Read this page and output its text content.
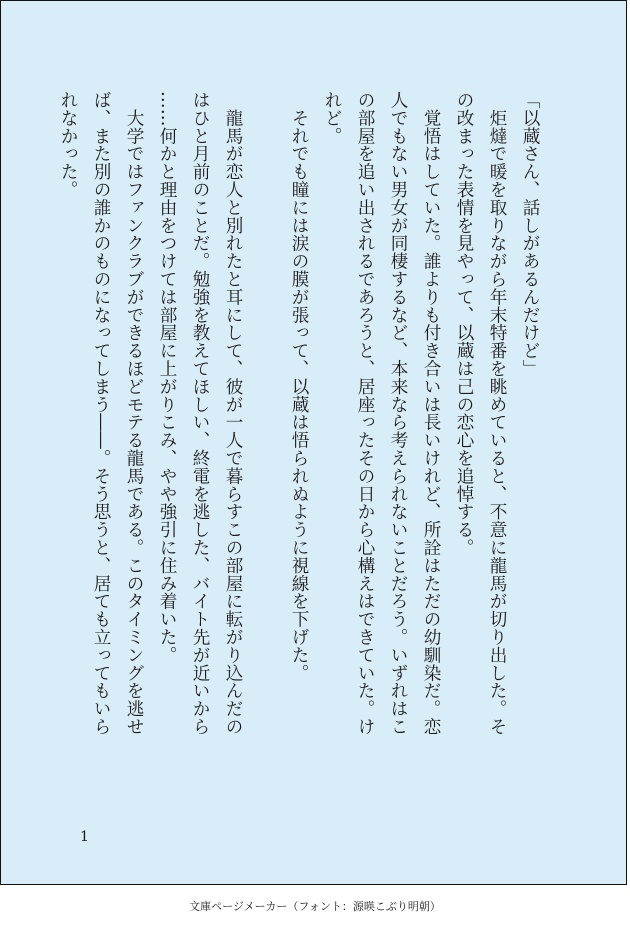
「以蔵さん、話しがあるんだけど」
　炬燵で暖を取りながら年末特番を眺めていると、不意に龍馬が切り出した。そ
の改まった表情を見やって、以蔵は己の恋心を追悼する。
　覚悟はしていた。誰よりも付き合いは長いけれど、所詮はただの幼馴染だ。恋
人でもない男女が同棲するなど、本来なら考えられないことだろう。いずれはこ
の部屋を追い出されるであろうと、居座ったその日から心構えはできていた。け
れど。
　それでも瞳には涙の膜が張って、以蔵は悟られぬように視線を下げた。
　龍馬が恋人と別れたと耳にして、彼が一人で暮らすこの部屋に転がり込んだの
はひと月前のことだ。勉強を教えてほしい、終電を逃した、バイト先が近いから
……何かと理由をつけては部屋に上がりこみ、やや強引に住み着いた。
　大学ではファンクラブができるほどモテる龍馬である。このタイミングを逃せ
ば、また別の誰かのものになってしまう――。そう思うと、居ても立ってもいら
れなかった。
1
文庫ページメーカー（フォント：源暎こぶり明朝）
